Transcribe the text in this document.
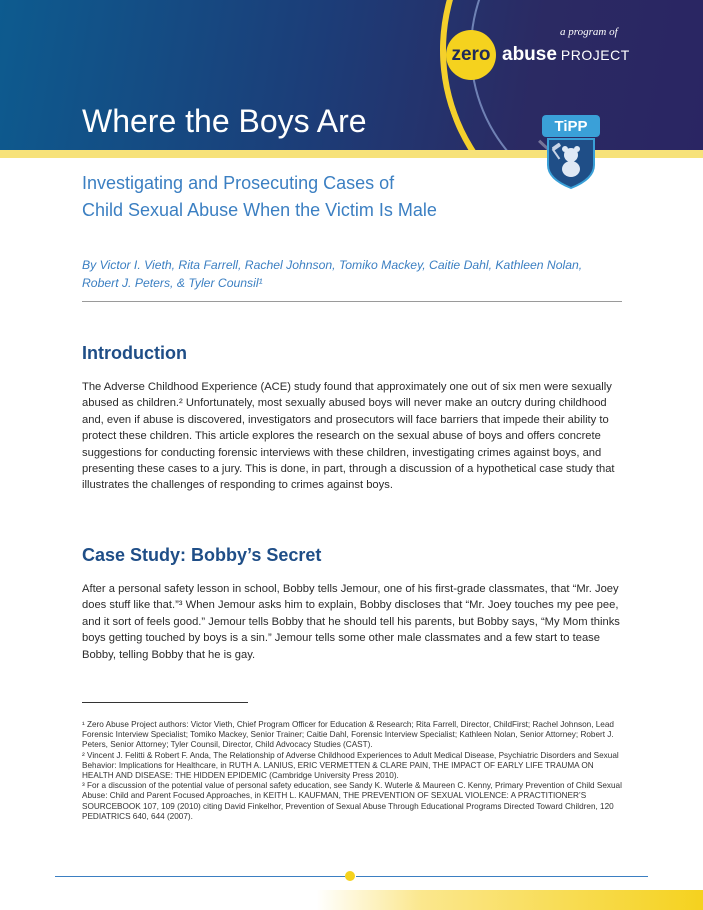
a program of
zero abuse PROJECT
Where the Boys Are	TiPP
Investigating and Prosecuting Cases of
Child Sexual Abuse When the Victim Is Male
By Victor I. Vieth, Rita Farrell, Rachel Johnson, Tomiko Mackey, Caitie Dahl, Kathleen Nolan, Robert J. Peters, & Tyler Counsil¹
Introduction
The Adverse Childhood Experience (ACE) study found that approximately one out of six men were sexually abused as children.² Unfortunately, most sexually abused boys will never make an outcry during childhood and, even if abuse is discovered, investigators and prosecutors will face barriers that impede their ability to protect these children. This article explores the research on the sexual abuse of boys and offers concrete suggestions for conducting forensic interviews with these children, investigating crimes against boys, and presenting these cases to a jury. This is done, in part, through a discussion of a hypothetical case study that illustrates the challenges of responding to crimes against boys.
Case Study: Bobby’s Secret
After a personal safety lesson in school, Bobby tells Jemour, one of his first-grade classmates, that “Mr. Joey does stuff like that.”³ When Jemour asks him to explain, Bobby discloses that “Mr. Joey touches my pee pee, and it sort of feels good.” Jemour tells Bobby that he should tell his parents, but Bobby says, “My Mom thinks boys getting touched by boys is a sin.” Jemour tells some other male classmates and a few start to tease Bobby, telling Bobby that he is gay.

¹ Zero Abuse Project authors: Victor Vieth, Chief Program Officer for Education & Research; Rita Farrell, Director, ChildFirst; Rachel Johnson, Lead Forensic Interview Specialist; Tomiko Mackey, Senior Trainer; Caitie Dahl, Forensic Interview Specialist; Kathleen Nolan, Senior Attorney; Robert J. Peters, Senior Attorney; Tyler Counsil, Director, Child Advocacy Studies (CAST).

² Vincent J. Felitti & Robert F. Anda, The Relationship of Adverse Childhood Experiences to Adult Medical Disease, Psychiatric Disorders and Sexual Behavior: Implications for Healthcare, in RUTH A. LANIUS, ERIC VERMETTEN & CLARE PAIN, THE IMPACT OF EARLY LIFE TRAUMA ON HEALTH AND DISEASE: THE HIDDEN EPIDEMIC (Cambridge University Press 2010).

³ For a discussion of the potential value of personal safety education, see Sandy K. Wuterle & Maureen C. Kenny, Primary Prevention of Child Sexual Abuse: Child and Parent Focused Approaches, in KEITH L. KAUFMAN, THE PREVENTION OF SEXUAL VIOLENCE: A PRACTITIONER’S SOURCEBOOK 107, 109 (2010) citing David Finkelhor, Prevention of Sexual Abuse Through Educational Programs Directed Toward Children, 120 PEDIATRICS 640, 644 (2007).
